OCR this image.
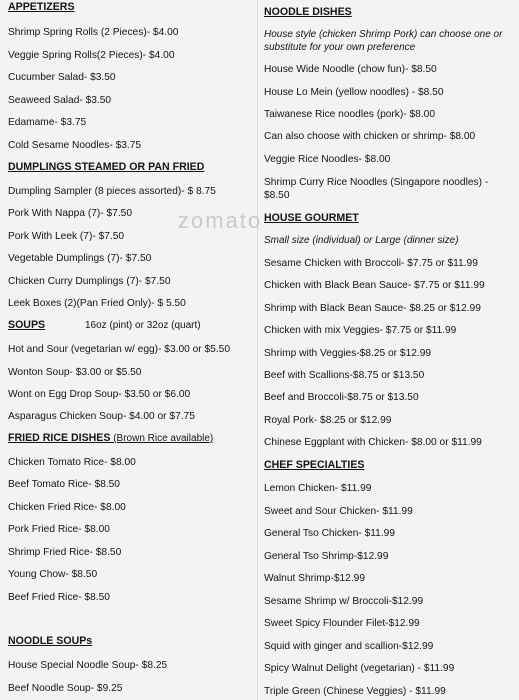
zomato
APPETIZERS
Shrimp Spring Rolls (2 Pieces)- $4.00
Veggie Spring Rolls(2 Pieces)- $4.00
Cucumber Salad- $3.50
Seaweed Salad- $3.50
Edamame- $3.75
Cold Sesame Noodles- $3.75
DUMPLINGS STEAMED OR PAN FRIED
Dumpling Sampler (8 pieces assorted)- $ 8.75
Pork With Nappa (7)- $7.50
Pork With Leek (7)- $7.50
Vegetable Dumplings (7)- $7.50
Chicken Curry Dumplings (7)- $7.50
Leek Boxes (2)(Pan Fried Only)- $ 5.50
SOUPS	16oz (pint) or 32oz (quart)
Hot and Sour (vegetarian w/ egg)- $3.00 or $5.50
Wonton Soup- $3.00 or $5.50
Wont on Egg Drop Soup- $3.50 or $6.00
Asparagus Chicken Soup- $4.00 or $7.75
FRIED RICE DISHES (Brown Rice available)
Chicken Tomato Rice- $8.00
Beef Tomato Rice- $8.50
Chicken Fried Rice- $8.00
Pork Fried Rice- $8.00
Shrimp Fried Rice- $8.50
Young Chow- $8.50
Beef Fried Rice- $8.50
NOODLE SOUPs
House Special Noodle Soup- $8.25
Beef Noodle Soup- $9.25
NOODLE DISHES
House style (chicken Shrimp Pork) can choose one or substitute for your own preference
House Wide Noodle (chow fun)- $8.50
House Lo Mein (yellow noodles) - $8.50
Taiwanese Rice noodles (pork)- $8.00
Can also choose with chicken or shrimp- $8.00
Veggie Rice Noodles- $8.00
Shrimp Curry Rice Noodles (Singapore noodles) - $8.50
HOUSE GOURMET
Small size (individual) or Large (dinner size)
Sesame Chicken with Broccoli- $7.75 or $11.99
Chicken with Black Bean Sauce- $7.75 or $11.99
Shrimp with Black Bean Sauce- $8.25 or $12.99
Chicken with mix Veggies- $7.75 or $11.99
Shrimp with Veggies-$8.25 or $12.99
Beef with Scallions-$8.75 or $13.50
Beef and Broccoli-$8.75 or $13.50
Royal Pork- $8.25 or $12.99
Chinese Eggplant with Chicken- $8.00 or $11.99
CHEF SPECIALTIES
Lemon Chicken- $11.99
Sweet and Sour Chicken- $11.99
General Tso Chicken- $11.99
General Tso Shrimp-$12.99
Walnut Shrimp-$12.99
Sesame Shrimp w/ Broccoli-$12.99
Sweet Spicy Flounder Filet-$12.99
Squid with ginger and scallion-$12.99
Spicy Walnut Delight (vegetarian) - $11.99
Triple Green (Chinese Veggies) - $11.99
